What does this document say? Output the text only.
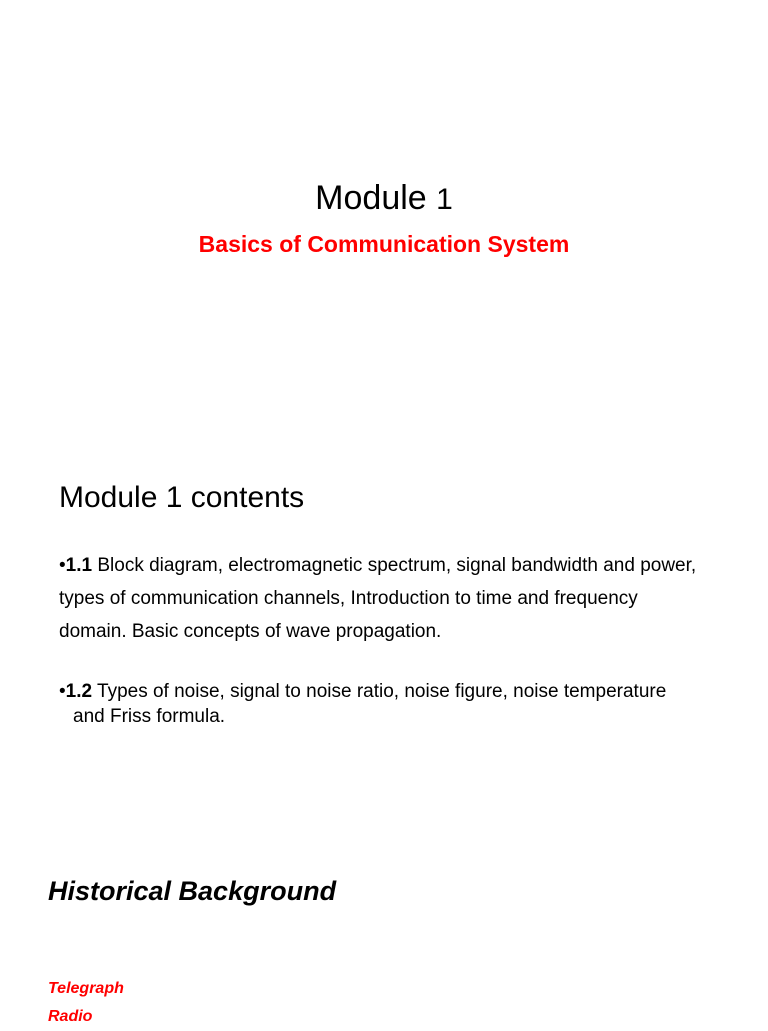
Module 1
Basics of Communication System
Module 1 contents

•1.1 Block diagram, electromagnetic spectrum, signal bandwidth and power, types of communication channels, Introduction to time and frequency domain. Basic concepts of wave propagation.

•1.2 Types of noise, signal to noise ratio, noise figure, noise temperature and Friss formula.

Historical Background
Telegraph
Radio
